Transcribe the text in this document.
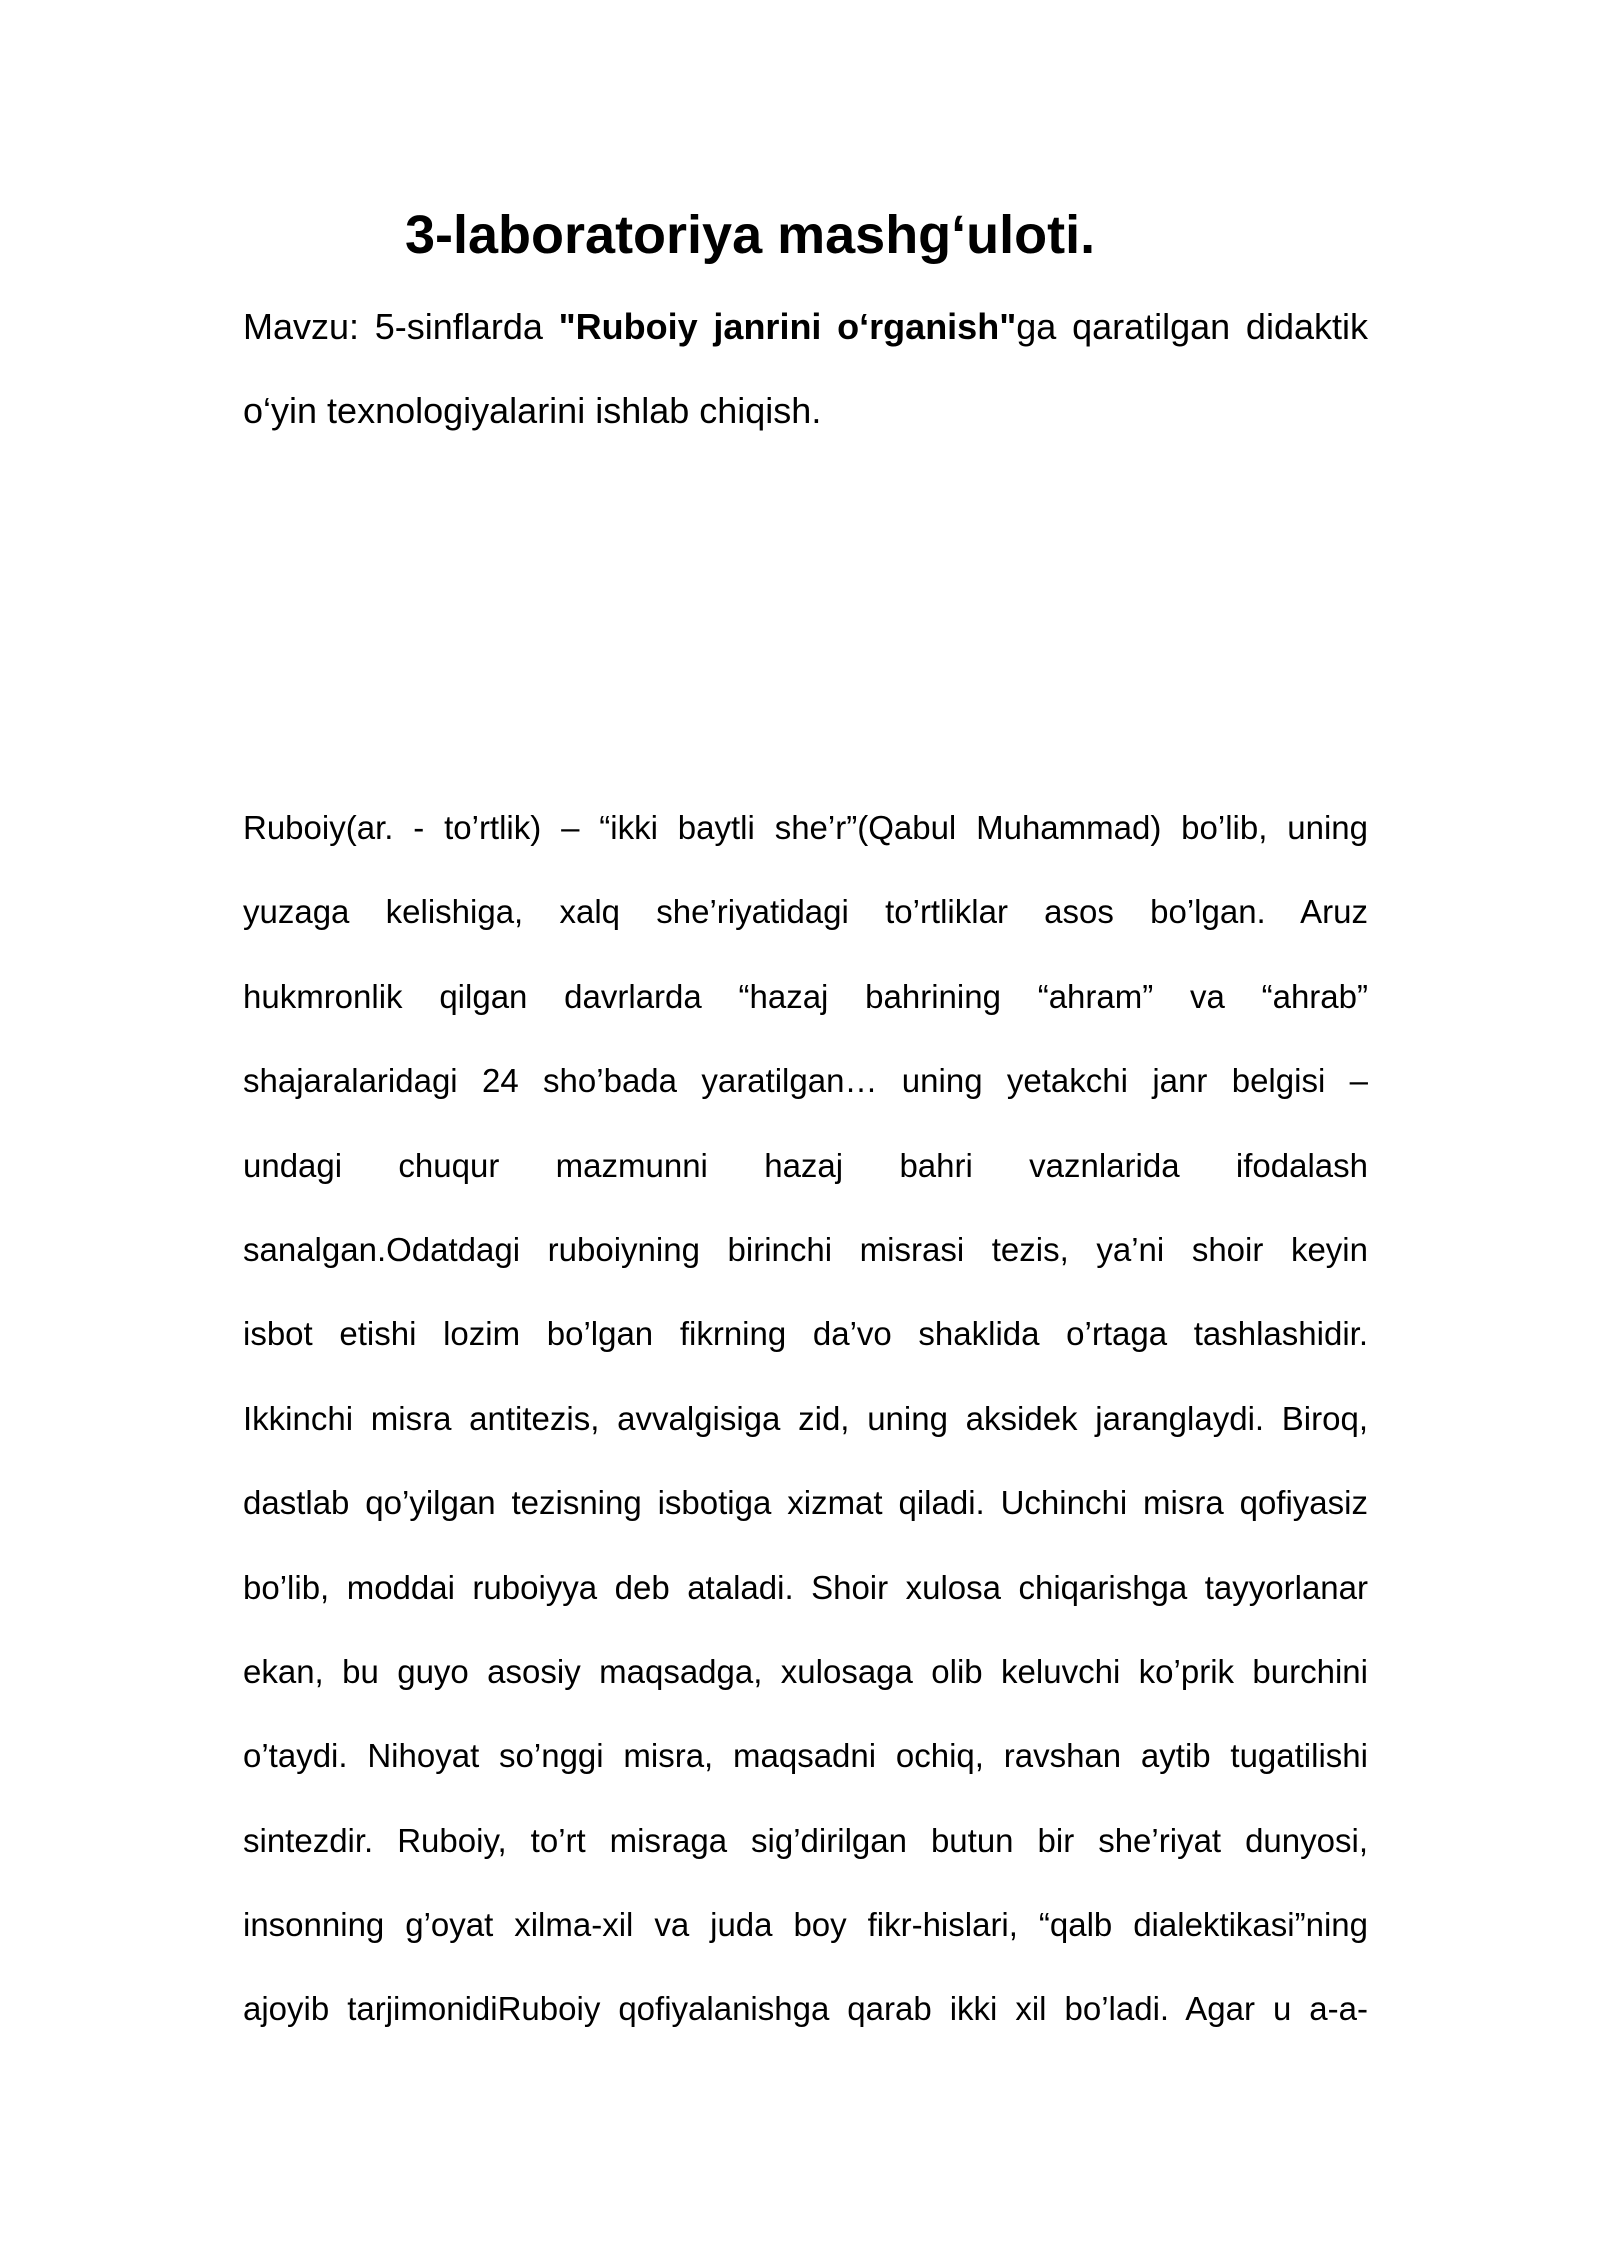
3-laboratoriya mashg‘uloti.

Mavzu: 5-sinflarda "Ruboiy janrini o‘rganish"ga qaratilgan didaktik o‘yin texnologiyalarini ishlab chiqish.

Ruboiy(ar. - to’rtlik) – “ikki baytli she’r”(Qabul Muhammad) bo’lib, uning
yuzaga kelishiga, xalq she’riyatidagi to’rtliklar asos bo’lgan. Aruz
hukmronlik qilgan davrlarda “hazaj bahrining “ahram” va “ahrab”
shajaralaridagi 24 sho’bada yaratilgan… uning yetakchi janr belgisi –
undagi chuqur mazmunni hazaj bahri vaznlarida ifodalash
sanalgan.Odatdagi ruboiyning birinchi misrasi tezis, ya’ni shoir keyin
isbot etishi lozim bo’lgan fikrning da’vo shaklida o’rtaga tashlashidir.
Ikkinchi misra antitezis, avvalgisiga zid, uning aksidek jaranglaydi. Biroq,
dastlab qo’yilgan tezisning isbotiga xizmat qiladi. Uchinchi misra qofiyasiz
bo’lib, moddai ruboiyya deb ataladi. Shoir xulosa chiqarishga tayyorlanar
ekan, bu guyo asosiy maqsadga, xulosaga olib keluvchi ko’prik burchini
o’taydi. Nihoyat so’nggi misra, maqsadni ochiq, ravshan aytib tugatilishi
sintezdir. Ruboiy, to’rt misraga sig’dirilgan butun bir she’riyat dunyosi,
insonning g’oyat xilma-xil va juda boy fikr-hislari, “qalb dialektikasi”ning
ajoyib tarjimonidiRuboiy qofiyalanishga qarab ikki xil bo’ladi. Agar u a-a-
